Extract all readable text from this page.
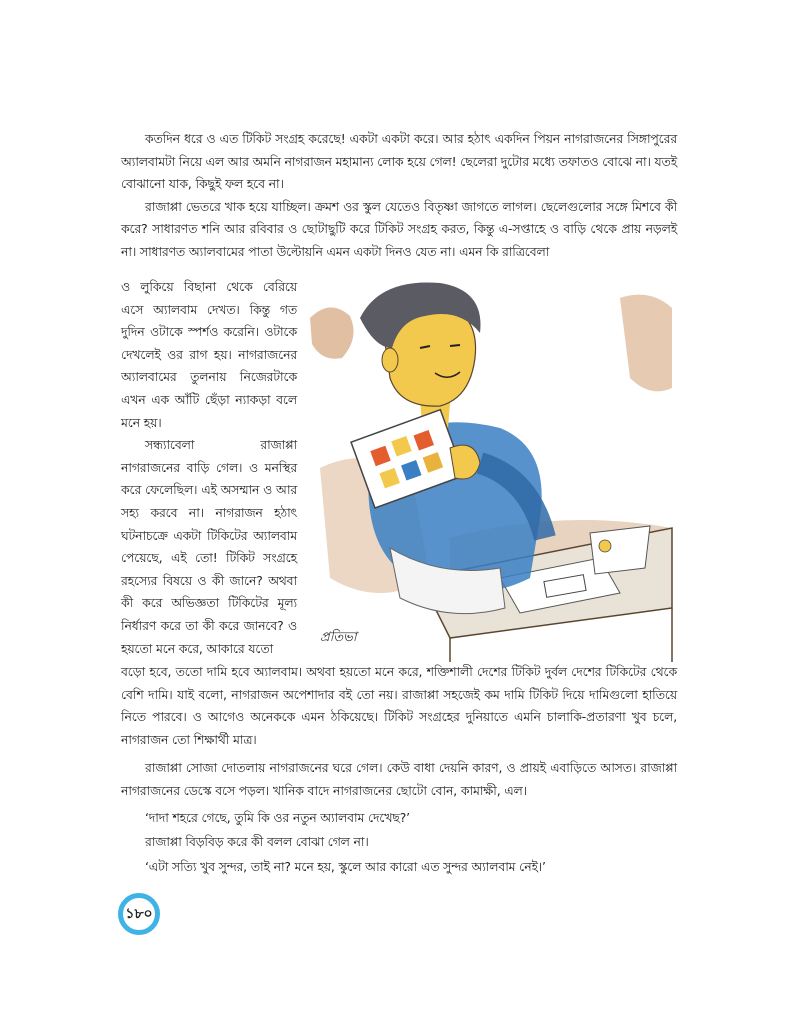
কতদিন ধরে ও এত টিকিট সংগ্রহ করেছে! একটা একটা করে। আর হঠাৎ একদিন পিয়ন নাগরাজনের সিঙ্গাপুরের অ্যালবামটা নিয়ে এল আর অমনি নাগরাজন মহামান্য লোক হয়ে গেল! ছেলেরা দুটোর মধ্যে তফাতও বোঝে না। যতই বোঝানো যাক, কিছুই ফল হবে না।

রাজাপ্পা ভেতরে খাক হয়ে যাচ্ছিল। ক্রমশ ওর স্কুল যেতেও বিতৃষ্ণা জাগতে লাগল। ছেলেগুলোর সঙ্গে মিশবে কী করে? সাধারণত শনি আর রবিবার ও ছোটাছুটি করে টিকিট সংগ্রহ করত, কিন্তু এ-সপ্তাহে ও বাড়ি থেকে প্রায় নড়লই না। সাধারণত অ্যালবামের পাতা উল্টোয়নি এমন একটা দিনও যেত না। এমন কি রাত্রিবেলা

ও লুকিয়ে বিছানা থেকে বেরিয়ে এসে অ্যালবাম দেখত। কিন্তু গত দুদিন ওটাকে স্পর্শও করেনি। ওটাকে দেখলেই ওর রাগ হয়। নাগরাজনের অ্যালবামের তুলনায় নিজেরটাকে এখন এক আঁটি ছেঁড়া ন্যাকড়া বলে মনে হয়।

সন্ধ্যাবেলা রাজাপ্পা নাগরাজনের বাড়ি গেল। ও মনস্থির করে ফেলেছিল। এই অসম্মান ও আর সহ্য করবে না। নাগরাজন হঠাৎ ঘটনাচক্রে একটা টিকিটের অ্যালবাম পেয়েছে, এই তো! টিকিট সংগ্রহে রহস্যের বিষয়ে ও কী জানে? অথবা কী করে অভিজ্ঞতা টিকিটের মূল্য নির্ধারণ করে তা কী করে জানবে? ও হয়তো মনে করে, আকারে যতো

প্রতিভা

বড়ো হবে, ততো দামি হবে অ্যালবাম। অথবা হয়তো মনে করে, শক্তিশালী দেশের টিকিট দুর্বল দেশের টিকিটের থেকে বেশি দামি। যাই বলো, নাগরাজন অপেশাদার বই তো নয়। রাজাপ্পা সহজেই কম দামি টিকিট দিয়ে দামিগুলো হাতিয়ে নিতে পারবে। ও আগেও অনেককে এমন ঠকিয়েছে। টিকিট সংগ্রহের দুনিয়াতে এমনি চালাকি-প্রতারণা খুব চলে, নাগরাজন তো শিক্ষার্থী মাত্র।

রাজাপ্পা সোজা দোতলায় নাগরাজনের ঘরে গেল। কেউ বাধা দেয়নি কারণ, ও প্রায়ই এবাড়িতে আসত। রাজাপ্পা নাগরাজনের ডেস্কে বসে পড়ল। খানিক বাদে নাগরাজনের ছোটো বোন, কামাক্ষী, এল।

‘দাদা শহরে গেছে, তুমি কি ওর নতুন অ্যালবাম দেখেছ?’

রাজাপ্পা বিড়বিড় করে কী বলল বোঝা গেল না।

‘এটা সত্যি খুব সুন্দর, তাই না? মনে হয়, স্কুলে আর কারো এত সুন্দর অ্যালবাম নেই।’

১৮০
